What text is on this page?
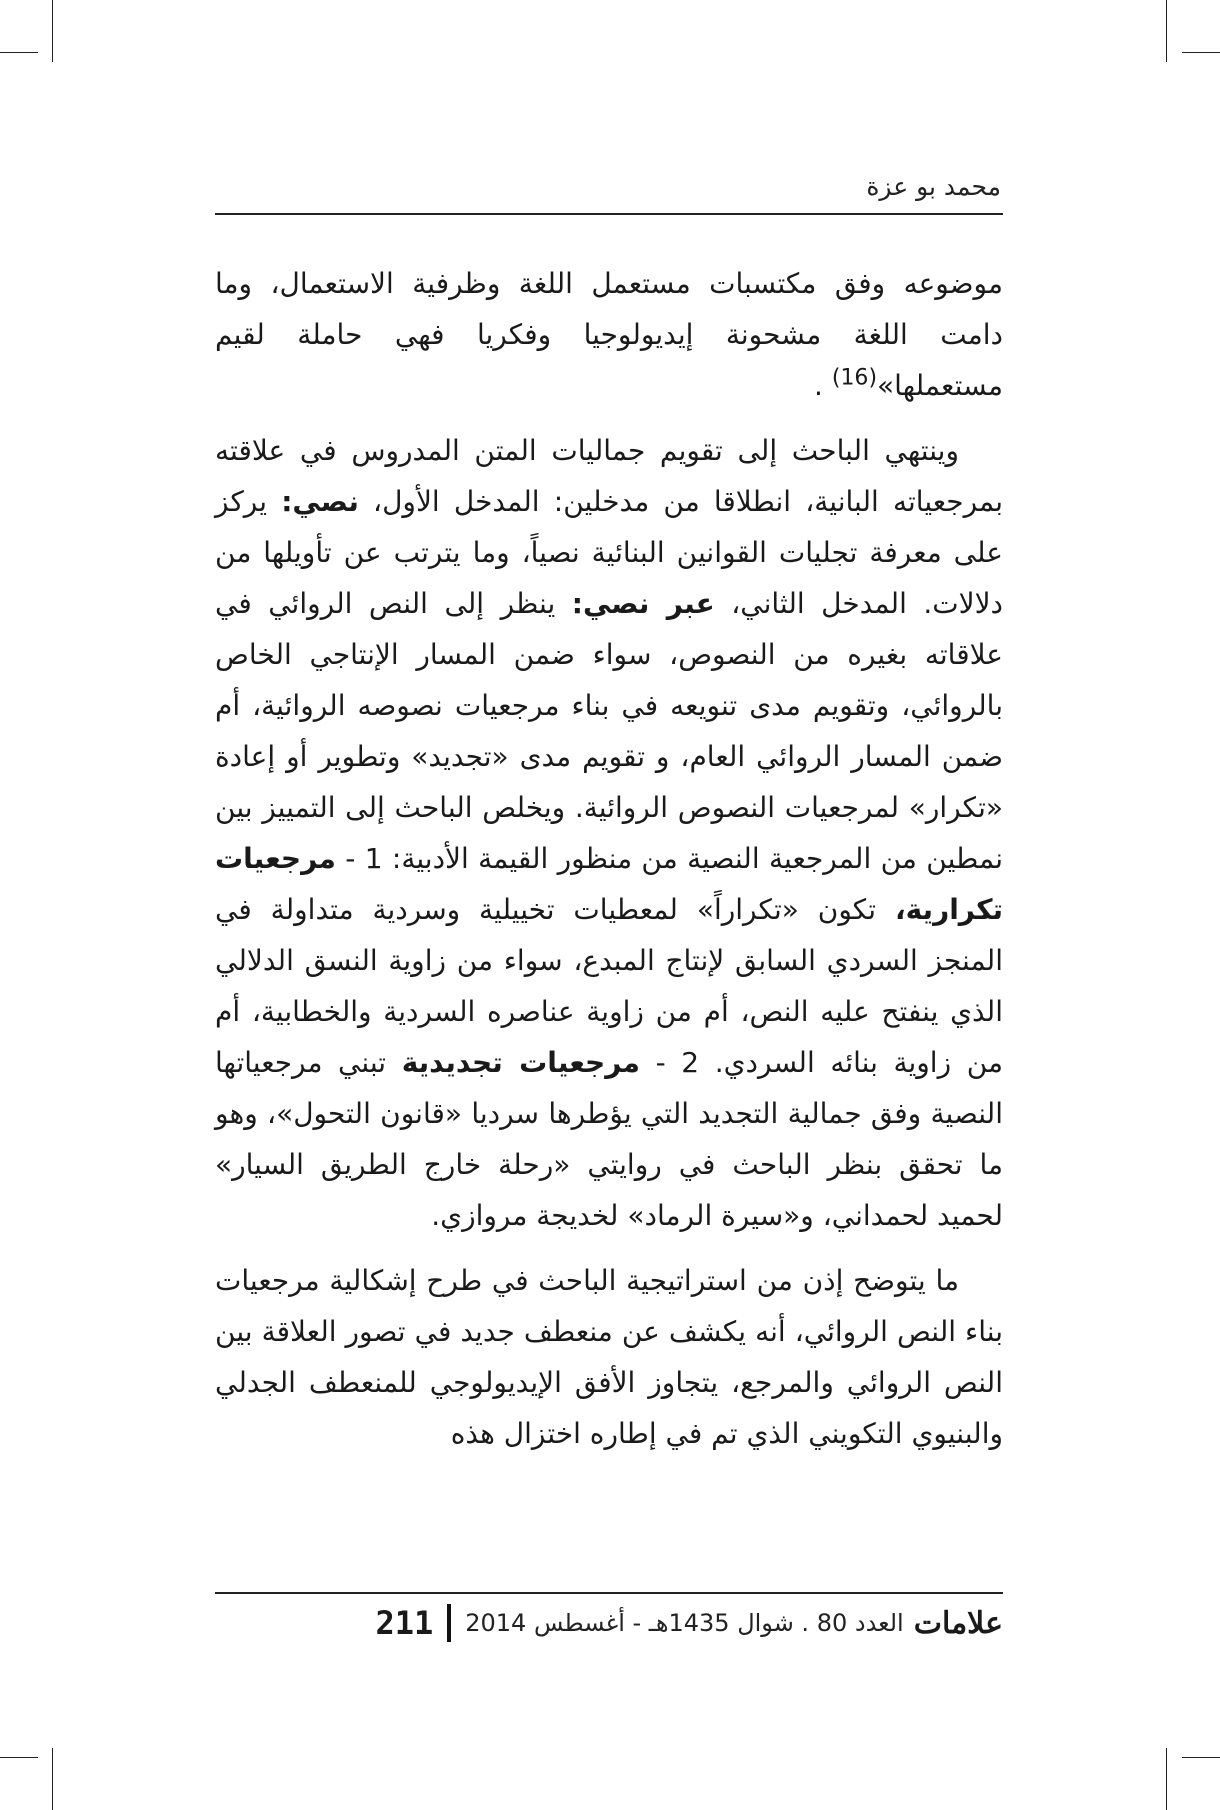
محمد بو عزة

موضوعه وفق مكتسبات مستعمل اللغة وظرفية الاستعمال، وما دامت اللغة مشحونة إيديولوجيا وفكريا فهي حاملة لقيم مستعملها»$^{(16)}$ .

وينتهي الباحث إلى تقويم جماليات المتن المدروس في علاقته بمرجعياته البانية، انطلاقا من مدخلين: المدخل الأول، نصي: يركز على معرفة تجليات القوانين البنائية نصياً، وما يترتب عن تأويلها من دلالات. المدخل الثاني، عبر نصي: ينظر إلى النص الروائي في علاقاته بغيره من النصوص، سواء ضمن المسار الإنتاجي الخاص بالروائي، وتقويم مدى تنويعه في بناء مرجعيات نصوصه الروائية، أم ضمن المسار الروائي العام، و تقويم مدى «تجديد» وتطوير أو إعادة «تكرار» لمرجعيات النصوص الروائية. ويخلص الباحث إلى التمييز بين نمطين من المرجعية النصية من منظور القيمة الأدبية: 1 - مرجعيات تكرارية، تكون «تكراراً» لمعطيات تخييلية وسردية متداولة في المنجز السردي السابق لإنتاج المبدع، سواء من زاوية النسق الدلالي الذي ينفتح عليه النص، أم من زاوية عناصره السردية والخطابية، أم من زاوية بنائه السردي. 2 - مرجعيات تجديدية تبني مرجعياتها النصية وفق جمالية التجديد التي يؤطرها سرديا «قانون التحول»، وهو ما تحقق بنظر الباحث في روايتي «رحلة خارج الطريق السيار» لحميد لحمداني، و«سيرة الرماد» لخديجة مروازي.

ما يتوضح إذن من استراتيجية الباحث في طرح إشكالية مرجعيات بناء النص الروائي، أنه يكشف عن منعطف جديد في تصور العلاقة بين النص الروائي والمرجع، يتجاوز الأفق الإيديولوجي للمنعطف الجدلي والبنيوي التكويني الذي تم في إطاره اختزال هذه

علامات
العدد 80 . شوال 1435هـ - أغسطس 2014
211
